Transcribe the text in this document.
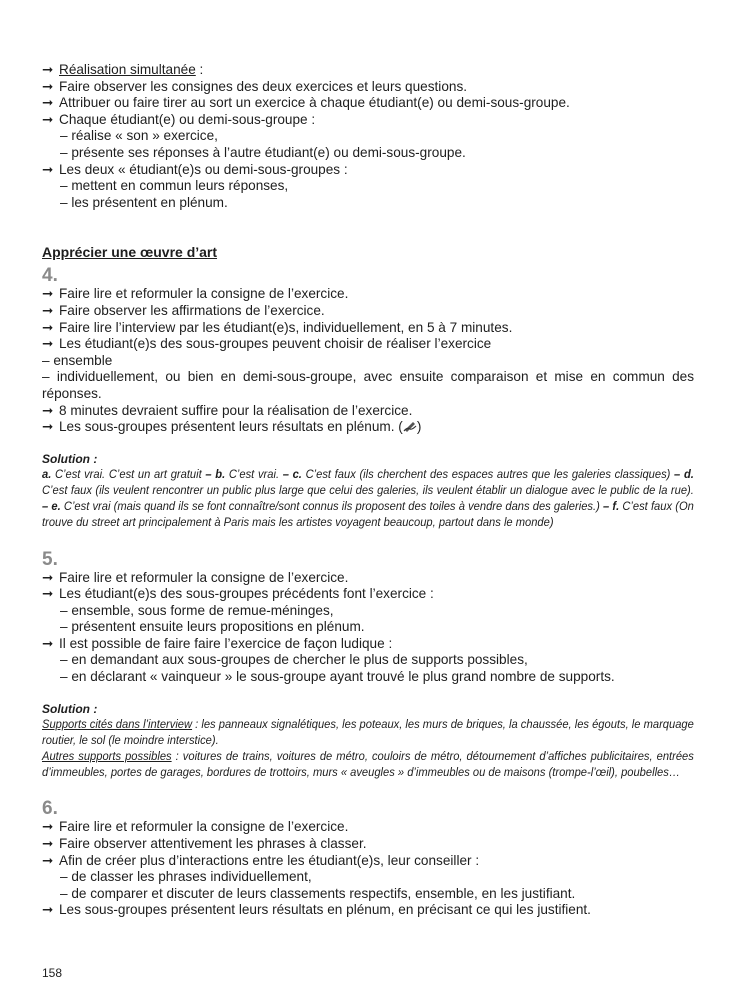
➞ Réalisation simultanée :
➞ Faire observer les consignes des deux exercices et leurs questions.
➞ Attribuer ou faire tirer au sort un exercice à chaque étudiant(e) ou demi-sous-groupe.
➞ Chaque étudiant(e) ou demi-sous-groupe :
– réalise « son » exercice,
– présente ses réponses à l’autre étudiant(e) ou demi-sous-groupe.
➞ Les deux « étudiant(e)s ou demi-sous-groupes :
– mettent en commun leurs réponses,
– les présentent en plénum.
Apprécier une œuvre d’art
4.
➞ Faire lire et reformuler la consigne de l’exercice.
➞ Faire observer les affirmations de l’exercice.
➞ Faire lire l’interview par les étudiant(e)s, individuellement, en 5 à 7 minutes.
➞ Les étudiant(e)s des sous-groupes peuvent choisir de réaliser l’exercice
– ensemble
– individuellement, ou bien en demi-sous-groupe, avec ensuite comparaison et mise en commun des réponses.
➞ 8 minutes devraient suffire pour la réalisation de l’exercice.
➞ Les sous-groupes présentent leurs résultats en plénum. ( )
Solution :
a. C’est vrai. C’est un art gratuit – b. C’est vrai. – c. C’est faux (ils cherchent des espaces autres que les galeries classiques) – d. C’est faux (ils veulent rencontrer un public plus large que celui des galeries, ils veulent établir un dialogue avec le public de la rue). – e. C’est vrai (mais quand ils se font connaître/sont connus ils proposent des toiles à vendre dans des galeries.) – f. C’est faux (On trouve du street art principalement à Paris mais les artistes voyagent beaucoup, partout dans le monde)
5.
➞ Faire lire et reformuler la consigne de l’exercice.
➞ Les étudiant(e)s des sous-groupes précédents font l’exercice :
– ensemble, sous forme de remue-méninges,
– présentent ensuite leurs propositions en plénum.
➞ Il est possible de faire faire l’exercice de façon ludique :
– en demandant aux sous-groupes de chercher le plus de supports possibles,
– en déclarant « vainqueur » le sous-groupe ayant trouvé le plus grand nombre de supports.
Solution :
Supports cités dans l’interview : les panneaux signalétiques, les poteaux, les murs de briques, la chaussée, les égouts, le marquage routier, le sol (le moindre interstice).
Autres supports possibles : voitures de trains, voitures de métro, couloirs de métro, détournement d’affiches publicitaires, entrées d’immeubles, portes de garages, bordures de trottoirs, murs « aveugles » d’immeubles ou de maisons (trompe-l’œil), poubelles…
6.
➞ Faire lire et reformuler la consigne de l’exercice.
➞ Faire observer attentivement les phrases à classer.
➞ Afin de créer plus d’interactions entre les étudiant(e)s, leur conseiller :
– de classer les phrases individuellement,
– de comparer et discuter de leurs classements respectifs, ensemble, en les justifiant.
➞ Les sous-groupes présentent leurs résultats en plénum, en précisant ce qui les justifient.
158
